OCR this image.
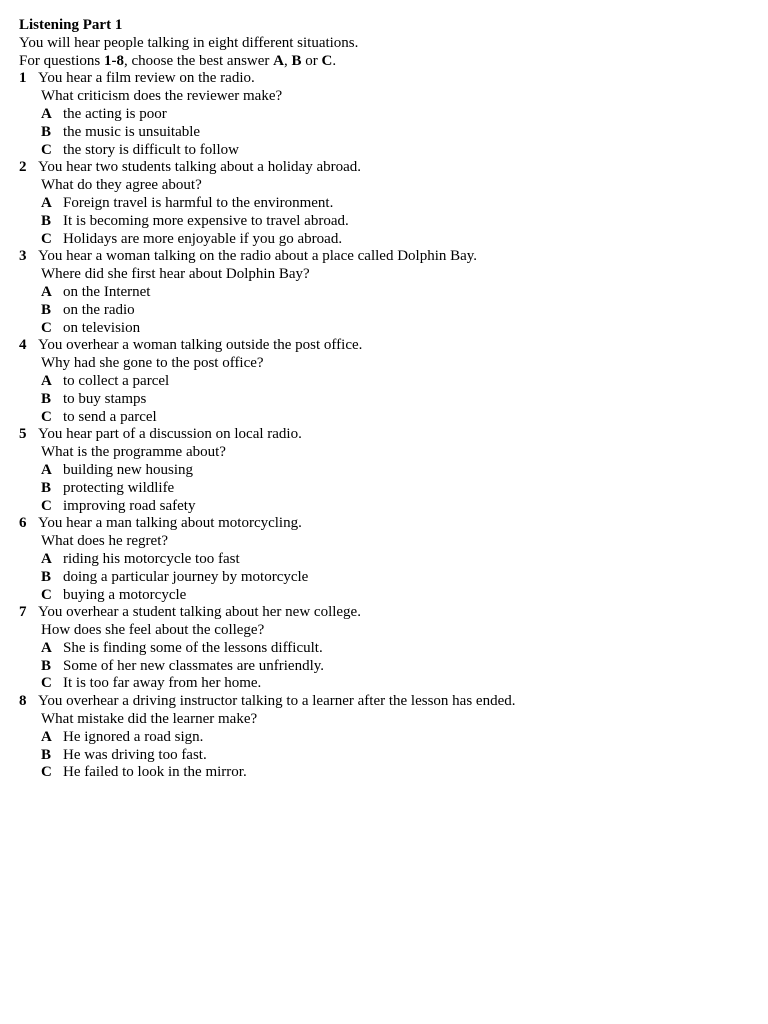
Listening Part 1
You will hear people talking in eight different situations.
For questions 1-8, choose the best answer A, B or C.
1 You hear a film review on the radio.
What criticism does the reviewer make?
A the acting is poor
B the music is unsuitable
C the story is difficult to follow
2 You hear two students talking about a holiday abroad.
What do they agree about?
A Foreign travel is harmful to the environment.
B It is becoming more expensive to travel abroad.
C Holidays are more enjoyable if you go abroad.
3 You hear a woman talking on the radio about a place called Dolphin Bay.
Where did she first hear about Dolphin Bay?
A on the Internet
B on the radio
C on television
4 You overhear a woman talking outside the post office.
Why had she gone to the post office?
A to collect a parcel
B to buy stamps
C to send a parcel
5 You hear part of a discussion on local radio.
What is the programme about?
A building new housing
B protecting wildlife
C improving road safety
6 You hear a man talking about motorcycling.
What does he regret?
A riding his motorcycle too fast
B doing a particular journey by motorcycle
C buying a motorcycle
7 You overhear a student talking about her new college.
How does she feel about the college?
A She is finding some of the lessons difficult.
B Some of her new classmates are unfriendly.
C It is too far away from her home.
8 You overhear a driving instructor talking to a learner after the lesson has ended.
What mistake did the learner make?
A He ignored a road sign.
B He was driving too fast.
C He failed to look in the mirror.
